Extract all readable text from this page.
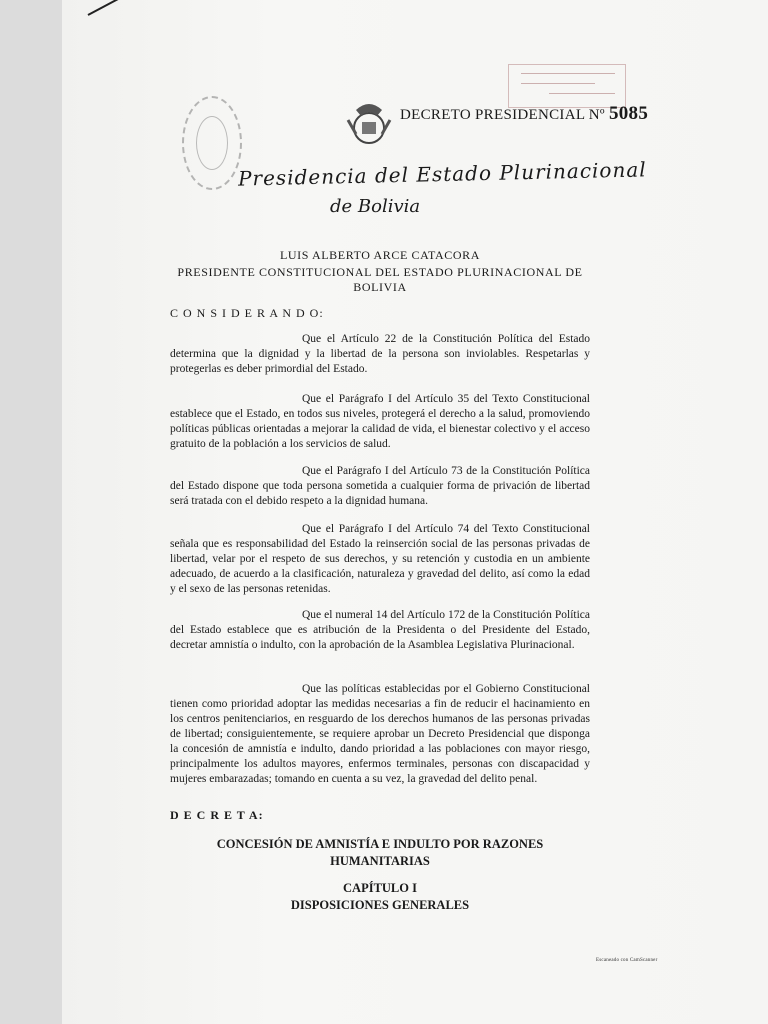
DECRETO PRESIDENCIAL Nº 5085
Presidencia del Estado Plurinacional
de Bolivia
LUIS ALBERTO ARCE CATACORA
PRESIDENTE CONSTITUCIONAL DEL ESTADO PLURINACIONAL DE BOLIVIA
C O N S I D E R A N D O:

Que el Artículo 22 de la Constitución Política del Estado determina que la dignidad y la libertad de la persona son inviolables. Respetarlas y protegerlas es deber primordial del Estado.

Que el Parágrafo I del Artículo 35 del Texto Constitucional establece que el Estado, en todos sus niveles, protegerá el derecho a la salud, promoviendo políticas públicas orientadas a mejorar la calidad de vida, el bienestar colectivo y el acceso gratuito de la población a los servicios de salud.

Que el Parágrafo I del Artículo 73 de la Constitución Política del Estado dispone que toda persona sometida a cualquier forma de privación de libertad será tratada con el debido respeto a la dignidad humana.

Que el Parágrafo I del Artículo 74 del Texto Constitucional señala que es responsabilidad del Estado la reinserción social de las personas privadas de libertad, velar por el respeto de sus derechos, y su retención y custodia en un ambiente adecuado, de acuerdo a la clasificación, naturaleza y gravedad del delito, así como la edad y el sexo de las personas retenidas.

Que el numeral 14 del Artículo 172 de la Constitución Política del Estado establece que es atribución de la Presidenta o del Presidente del Estado, decretar amnistía o indulto, con la aprobación de la Asamblea Legislativa Plurinacional.

Que las políticas establecidas por el Gobierno Constitucional tienen como prioridad adoptar las medidas necesarias a fin de reducir el hacinamiento en los centros penitenciarios, en resguardo de los derechos humanos de las personas privadas de libertad; consiguientemente, se requiere aprobar un Decreto Presidencial que disponga la concesión de amnistía e indulto, dando prioridad a las poblaciones con mayor riesgo, principalmente los adultos mayores, enfermos terminales, personas con discapacidad y mujeres embarazadas; tomando en cuenta a su vez, la gravedad del delito penal.

D E C R E T A:
CONCESIÓN DE AMNISTÍA E INDULTO POR RAZONES
HUMANITARIAS
CAPÍTULO I
DISPOSICIONES GENERALES
Escaneado con CamScanner
